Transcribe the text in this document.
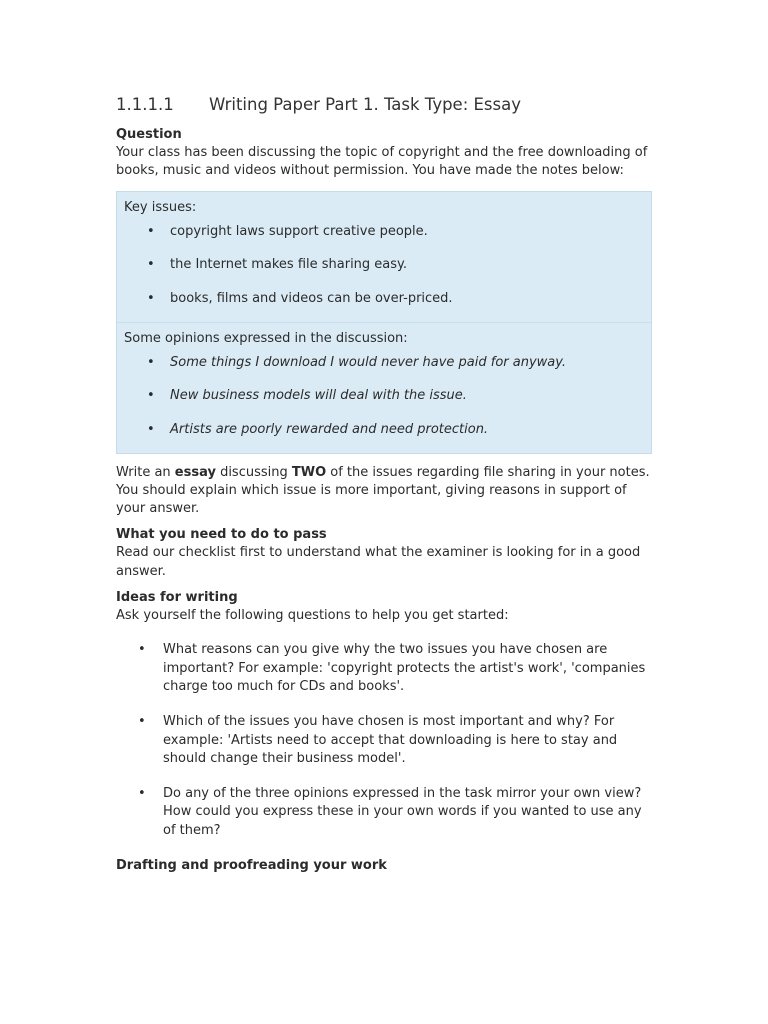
1.1.1.1	Writing Paper Part 1. Task Type: Essay

Question

Your class has been discussing the topic of copyright and the free downloading of books, music and videos without permission. You have made the notes below:

Key issues:

• copyright laws support creative people.
• the Internet makes file sharing easy.
• books, films and videos can be over-priced.

Some opinions expressed in the discussion:

• Some things I download I would never have paid for anyway.
• New business models will deal with the issue.
• Artists are poorly rewarded and need protection.

Write an essay discussing TWO of the issues regarding file sharing in your notes. You should explain which issue is more important, giving reasons in support of your answer.

What you need to do to pass

Read our checklist first to understand what the examiner is looking for in a good answer.

Ideas for writing

Ask yourself the following questions to help you get started:

• What reasons can you give why the two issues you have chosen are important? For example: 'copyright protects the artist's work', 'companies charge too much for CDs and books'.
• Which of the issues you have chosen is most important and why? For example: 'Artists need to accept that downloading is here to stay and should change their business model'.
• Do any of the three opinions expressed in the task mirror your own view? How could you express these in your own words if you wanted to use any of them?

Drafting and proofreading your work
